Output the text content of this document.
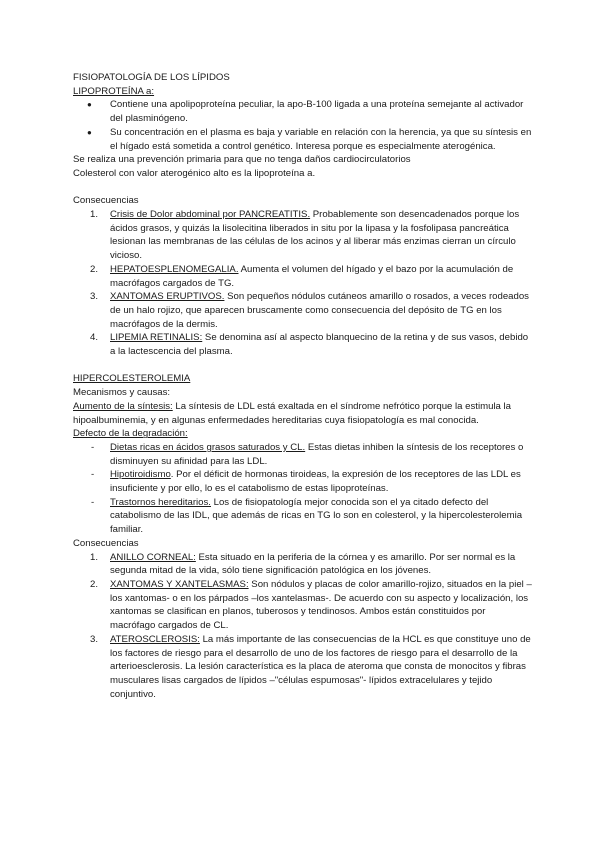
FISIOPATOLOGÍA DE LOS LÍPIDOS

LIPOPROTEÍNA a:

● Contiene una apolipoproteína peculiar, la apo-B-100 ligada a una proteína semejante al activador del plasminógeno.
● Su concentración en el plasma es baja y variable en relación con la herencia, ya que su síntesis en el hígado está sometida a control genético. Interesa porque es especialmente aterogénica.

Se realiza una prevención primaria para que no tenga daños cardiocirculatorios

Colesterol con valor aterogénico alto es la lipoproteína a.

Consecuencias

1. Crisis de Dolor abdominal por PANCREATITIS. Probablemente son desencadenados porque los ácidos grasos, y quizás la lisolecitina liberados in situ por la lipasa y la fosfolipasa pancreática lesionan las membranas de las células de los acinos y al liberar más enzimas cierran un círculo vicioso.
2. HEPATOESPLENOMEGALIA. Aumenta el volumen del hígado y el bazo por la acumulación de macrófagos cargados de TG.
3. XANTOMAS ERUPTIVOS. Son pequeños nódulos cutáneos amarillo o rosados, a veces rodeados de un halo rojizo, que aparecen bruscamente como consecuencia del depósito de TG en los macrófagos de la dermis.
4. LIPEMIA RETINALIS: Se denomina así al aspecto blanquecino de la retina y de sus vasos, debido a la lactescencia del plasma.

HIPERCOLESTEROLEMIA

Mecanismos y causas:

Aumento de la síntesis: La síntesis de LDL está exaltada en el síndrome nefrótico porque la estimula la hipoalbuminemia, y en algunas enfermedades hereditarias cuya fisiopatología es mal conocida.

Defecto de la degradación:

- Dietas ricas en ácidos grasos saturados y CL. Estas dietas inhiben la síntesis de los receptores o disminuyen su afinidad para las LDL.
- Hipotiroidismo. Por el déficit de hormonas tiroideas, la expresión de los receptores de las LDL es insuficiente y por ello, lo es el catabolismo de estas lipoproteínas.
- Trastornos hereditarios. Los de fisiopatología mejor conocida son el ya citado defecto del catabolismo de las IDL, que además de ricas en TG lo son en colesterol, y la hipercolesterolemia familiar.

Consecuencias

1. ANILLO CORNEAL: Esta situado en la periferia de la córnea y es amarillo. Por ser normal es la segunda mitad de la vida, sólo tiene significación patológica en los jóvenes.
2. XANTOMAS Y XANTELASMAS: Son nódulos y placas de color amarillo-rojizo, situados en la piel –los xantomas- o en los párpados –los xantelasmas-. De acuerdo con su aspecto y localización, los xantomas se clasifican en planos, tuberosos y tendinosos. Ambos están constituidos por macrófago cargados de CL.
3. ATEROSCLEROSIS: La más importante de las consecuencias de la HCL es que constituye uno de los factores de riesgo para el desarrollo de uno de los factores de riesgo para el desarrollo de la arterioesclerosis. La lesión característica es la placa de ateroma que consta de monocitos y fibras musculares lisas cargados de lípidos –"células espumosas"- lípidos extracelulares y tejido conjuntivo.
